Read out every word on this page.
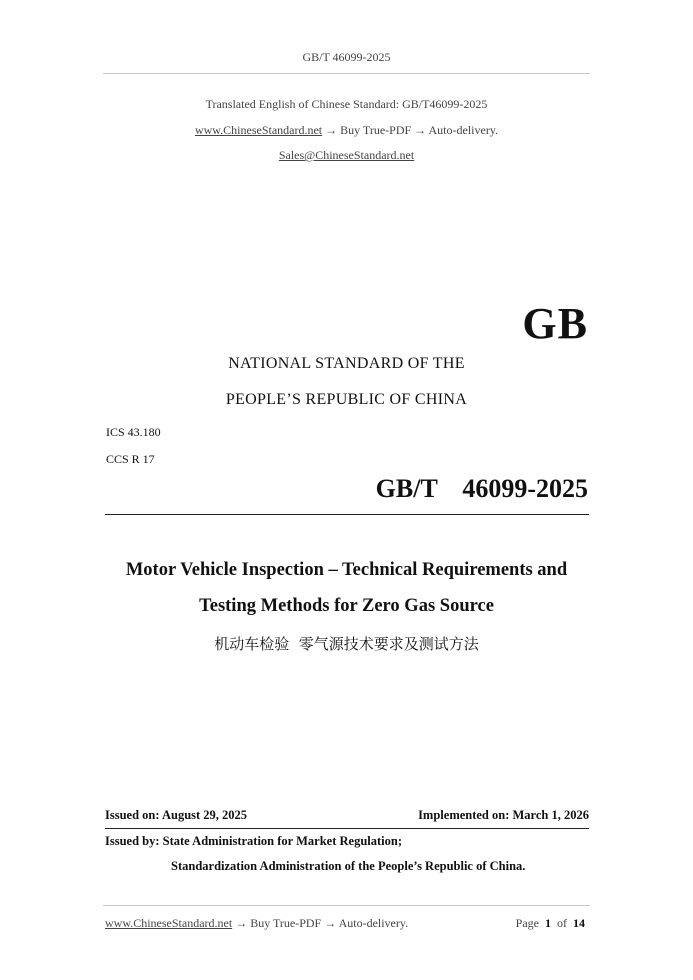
GB/T 46099-2025
Translated English of Chinese Standard: GB/T46099-2025
www.ChineseStandard.net → Buy True-PDF → Auto-delivery.
Sales@ChineseStandard.net
GB
NATIONAL STANDARD OF THE
PEOPLE’S REPUBLIC OF CHINA
ICS 43.180
CCS R 17
GB/T  46099-2025
Motor Vehicle Inspection – Technical Requirements and
Testing Methods for Zero Gas Source
机动车检验  零气源技术要求及测试方法
Issued on: August 29, 2025	Implemented on: March 1, 2026
Issued by: State Administration for Market Regulation;
Standardization Administration of the People’s Republic of China.
www.ChineseStandard.net → Buy True-PDF → Auto-delivery.	Page 1 of 14
